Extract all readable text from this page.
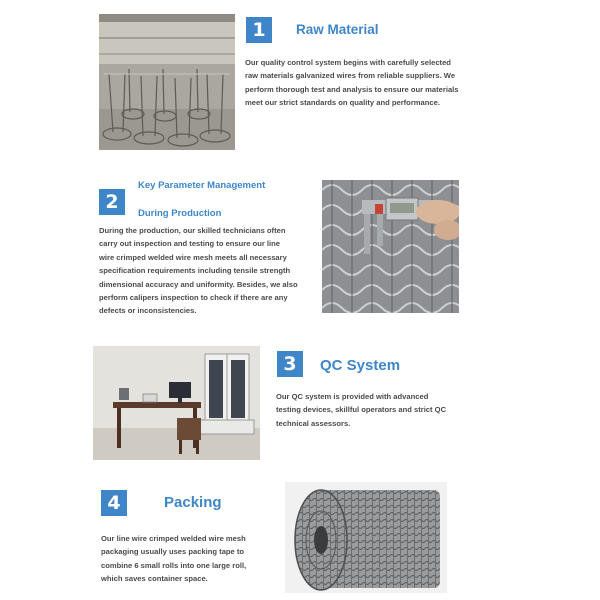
1	Raw Material
Our quality control system begins with carefully selected
raw materials galvanized wires from reliable suppliers. We
perform thorough test and analysis to ensure our materials
meet our strict standards on quality and performance.
2
Key Parameter Management
During Production
During the production, our skilled technicians often
carry out inspection and testing to ensure our line
wire crimped welded wire mesh meets all necessary
specification requirements including tensile strength
dimensional accuracy and uniformity. Besides, we also
perform calipers inspection to check if there are any
defects or inconsistencies.
3	QC System
Our QC system is provided with advanced
testing devices, skillful operators and strict QC
technical assessors.
4	Packing
Our line wire crimped welded wire mesh
packaging usually uses packing tape to
combine 6 small rolls into one large roll,
which saves container space.
